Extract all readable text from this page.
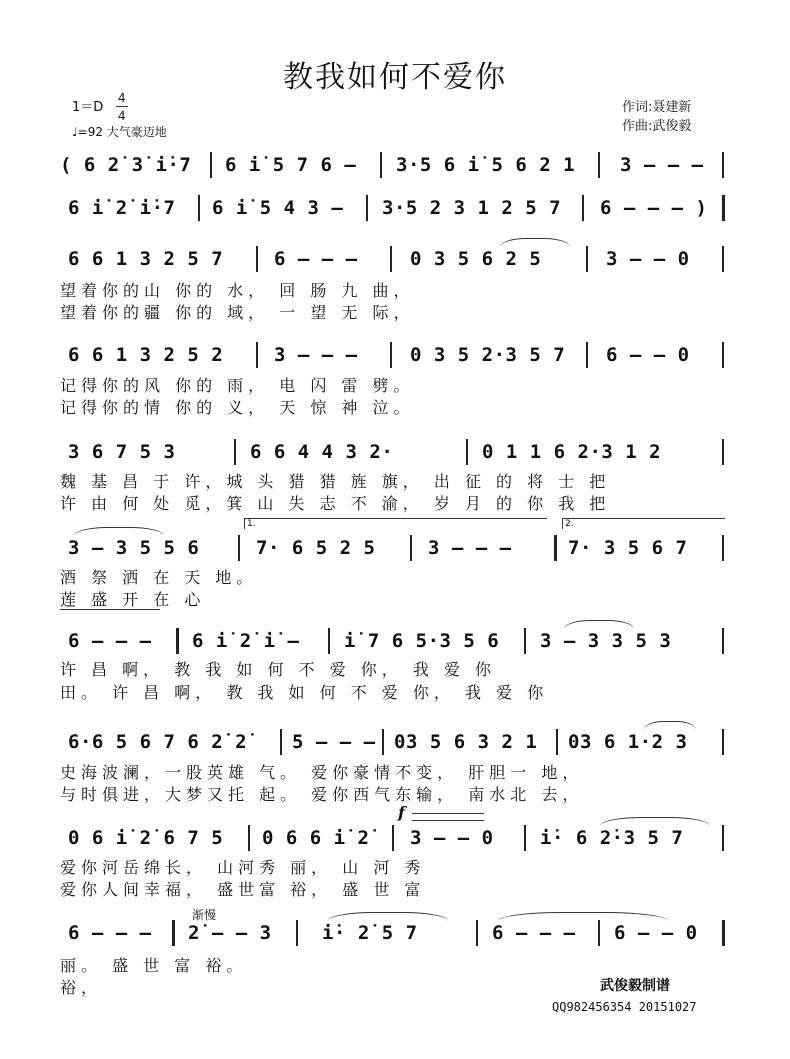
教我如何不爱你
1＝D
4
4
♩=92 大气豪迈地
作词:聂建新
作曲:武俊毅
( 6 2̇ 3̇ i̇·7 6 i̇ 5 7 6 – 3·5 6 i̇ 5 6 2 1 3 – – –
6 i̇ 2̇ i̇·7 6 i̇ 5 4 3 – 3·5 2 3 1 2 5 7 6 – – – )
6 6 1 3 2 5 7	6 – – –	0 3 5 6 2 5	3 – – 0
望着你的山 你的 水， 回 肠 九 曲，
望着你的疆 你的 域， 一 望 无 际，
6 6 1 3 2 5 2	3 – – –	0 3 5 2·3 5 7 6 – – 0
记得你的风 你的 雨， 电 闪 雷 劈。
记得你的情 你的 义， 天 惊 神 泣。
3 6 7 5 3	6 6 4 4 3 2·	0 1 1 6 2·3 1 2
魏 基 昌 于 许，城 头 猎 猎 旌 旗， 出 征 的 将 士 把
许 由 何 处 觅，箕 山 失 志 不 渝， 岁 月 的 你 我 把
1.	2.
3 – 3 5 5 6	7· 6 5 2 5	3 – – –	7· 3 5 6 7
酒 祭 洒 在 天 地。
莲 盛 开 在 心
6 – – – 6 i̇ 2̇ i̇ – i̇ 7 6 5·3 5 6 3 – 3 3 5 3
许 昌 啊， 教 我 如 何 不 爱 你， 我 爱 你
田。 许 昌 啊， 教 我 如 何 不 爱 你， 我 爱 你
6·6 5 6 7 6 2̇ 2̇ 5 – – – 03 5 6 3 2 1 03 6 1·2 3
史海波澜，一股英雄 气。 爱你豪情不变， 肝胆一 地，
与时俱进，大梦又托 起。 爱你西气东输， 南水北 去，
f
0 6 i̇ 2̇ 6 7 5 0 6 6 i̇ 2̇ 3 – – 0 i̇· 6 2̇·3 5 7
爱你河岳绵长， 山河秀 丽， 山 河 秀
爱你人间幸福， 盛世富 裕， 盛 世 富
渐慢
6 – – – 2̇ – – 3	i̇· 2̇ 5 7	6 – – – 6 – – 0
丽。 盛 世 富 裕。
裕，	武俊毅制谱
QQ982456354 20151027
